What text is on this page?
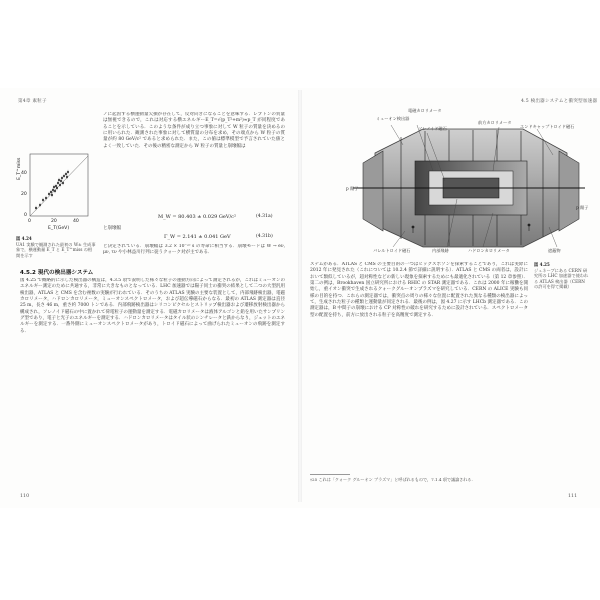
第4章 素粒子
0	20	40
0
20
40
E_T(GeV)
E_T^miss
図 4.24
UA1 実験で観測された最初の W± 生成事象で，横運動量 E_T と E_T^miss の相関を示す
ノに起因する横運動量欠損が存在して，反対向きになることを意味する．レプトンの質量は無視できるので，これは対応する横エネルギーE_T=√(p_T²+m²)≈p_T が同程度であることを示している．このような条件が成り立つ事象に対して W 粒子の質量を決めるのに用いられた．観測された事象に対して横質量の分布を求め，その端点から W 粒子の質量が約 80 GeV/c² であると求められた．また，この値は標準模型で予言されていた値とよく一致していた．その後の精密な測定から W 粒子の質量と崩壊幅は
M_W = 80.403 ± 0.029 GeV/c²	(4.31a)
と崩壊幅
Γ_W = 2.141 ± 0.041 GeV	(4.31b)
と決定されている．崩壊幅は 3.2 × 10⁻²⁵ s の寿命に相当する．崩壊モードは W → eν, μν, τν や小林益川行列に従うクォーク対が主である．
4.5.2 現代の検出器システム
図 4.25 で概略的に示した検出器の構造は，4.3.5 項で説明した様々な粒子の運動方向によって測定されるが，これはミューオンのエネルギー測定のために共通する，非常に大きなものとなっている．LHC 加速器では陽子同士の衝突の結果として二つの大型汎用検出器，ATLAS と CMS を含む複数の実験が行われている．そのうちの ATLAS 実験の主要な装置として，内部飛跡検出器，電磁カロリメータ，ハドロンカロリメータ，ミューオンスペクトロメータ，および超伝導磁石からなる．最初の ATLAS 測定器は直径 25 m，長さ 46 m，重さ約 7000 トンである．内部飛跡検出器はシリコンピクセルとストリップ検出器および遷移放射検出器から構成され，ソレノイド磁石の中に置かれて荷電粒子の運動量を測定する．電磁カロリメータは液体アルゴンと鉛を用いたサンプリング型であり，電子と光子のエネルギーを測定する．ハドロンカロリメータはタイル状のシンチレータと鉄からなり，ジェットのエネルギーを測定する．一番外側にミューオンスペクトロメータがあり，トロイド磁石によって曲げられたミューオンの飛跡を測定する．
110
4.5 検出器システムと衝突型加速器
ミューオン検出器
電磁カロリメータ
ソレノイド磁石
前方カロリメータ
エンドキャップトロイド磁石
p 陽子
p 陽子
バレルトロイド磁石	内部飛跡	ハドロンカロリメータ	遮蔽物
ステムがある．ATLAS と CMS の主要目的の一つはヒッグスボゾンを探索することであり，これは実際に 2012 年に発見された（これについては 10.2.4 節で詳細に説明する）．ATLAS と CMS の両者は，設計において類似しているが，超対称性などの新しい現象を探索するためにも最適化されている（第 12 章参照）．第二の例は，Brookhaven 国立研究所における RHIC の STAR 測定器である．これは 2000 年に稼働を開始し，重イオン衝突で生成されるクォークグルーオンプラズマを研究している．CERN の ALICE 実験も同様の目的を持つ．これらの測定器では，衝突点の周りの様々な位置に配置された異なる種類の検出器によって，生成された粒子の種類と運動量が同定される．最後の例は，図 4.27 に示す LHCb 測定器である．この測定器は，B 中間子の崩壊における CP 対称性の破れを研究するために設計されている．スペクトロメータ型の配置を持ち，前方に放出される粒子を高精度で測定する．
図 4.25
ジュネーブにある CERN 研究所の LHC 加速器で使われる ATLAS 検出器（CERN の許可を得て掲載）
†25 これは「クォーク グルーオン プラズマ」と呼ばれるもので，7.1.4 項で議論される．
111
